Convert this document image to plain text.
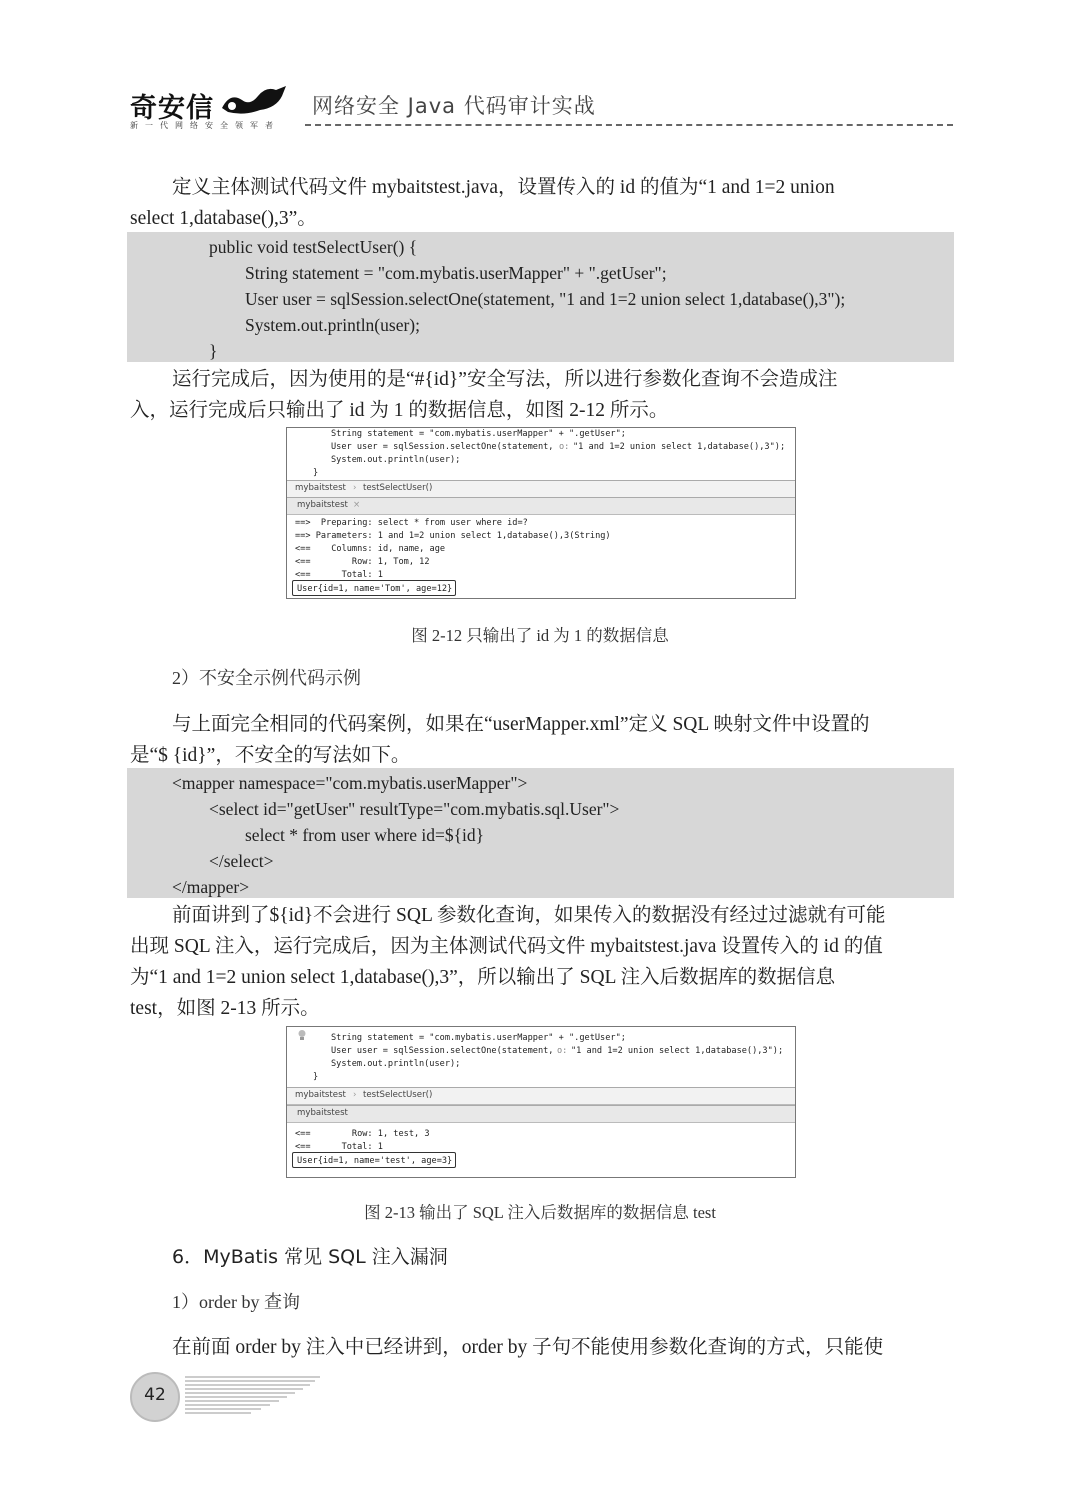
奇安信
新一代网络安全领军者
网络安全 Java 代码审计实战
定义主体测试代码文件 mybaitstest.java，设置传入的 id 的值为“1 and 1=2 union
select 1,database(),3”。
public void testSelectUser() {
String statement = "com.mybatis.userMapper" + ".getUser";
User user = sqlSession.selectOne(statement, "1 and 1=2 union select 1,database(),3");
System.out.println(user);
}
运行完成后，因为使用的是“#{id}”安全写法，所以进行参数化查询不会造成注
入，运行完成后只输出了 id 为 1 的数据信息，如图 2-12 所示。
String statement = "com.mybatis.userMapper" + ".getUser";
User user = sqlSession.selectOne(statement, o: "1 and 1=2 union select 1,database(),3");
System.out.println(user);
}
mybaitstest › testSelectUser()
mybaitstest ×
==>  Preparing: select * from user where id=?
==> Parameters: 1 and 1=2 union select 1,database(),3(String)
<==    Columns: id, name, age
<==        Row: 1, Tom, 12
<==      Total: 1
User{id=1, name='Tom', age=12}
图 2-12 只输出了 id 为 1 的数据信息
2）不安全示例代码示例
与上面完全相同的代码案例，如果在“userMapper.xml”定义 SQL 映射文件中设置的
是“$ {id}”，不安全的写法如下。
<mapper namespace="com.mybatis.userMapper">
<select id="getUser" resultType="com.mybatis.sql.User">
select * from user where id=${id}
</select>
</mapper>
前面讲到了${id}不会进行 SQL 参数化查询，如果传入的数据没有经过过滤就有可能
出现 SQL 注入，运行完成后，因为主体测试代码文件 mybaitstest.java 设置传入的 id 的值
为“1 and 1=2 union select 1,database(),3”，所以输出了 SQL 注入后数据库的数据信息
test，如图 2-13 所示。
String statement = "com.mybatis.userMapper" + ".getUser";
User user = sqlSession.selectOne(statement, o: "1 and 1=2 union select 1,database(),3");
System.out.println(user);
}
mybaitstest › testSelectUser()
mybaitstest
<==        Row: 1, test, 3
<==      Total: 1
User{id=1, name='test', age=3}
图 2-13 输出了 SQL 注入后数据库的数据信息 test
6．MyBatis 常见 SQL 注入漏洞
1）order by 查询
在前面 order by 注入中已经讲到，order by 子句不能使用参数化查询的方式，只能使
42
